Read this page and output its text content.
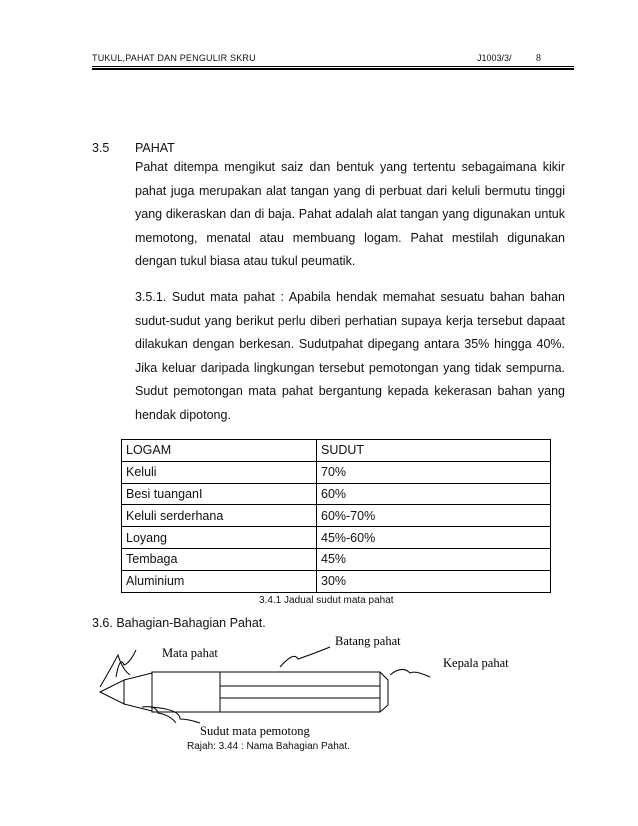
TUKUL,PAHAT DAN PENGULIR SKRU	J1003/3/ 8
3.5 PAHAT

Pahat ditempa mengikut saiz dan bentuk yang tertentu sebagaimana kikir pahat juga merupakan alat tangan yang di perbuat dari keluli bermutu tinggi yang dikeraskan dan di baja. Pahat adalah alat tangan yang digunakan untuk memotong, menatal atau membuang logam. Pahat mestilah digunakan dengan tukul biasa atau tukul peumatik.

3.5.1. Sudut mata pahat : Apabila hendak memahat sesuatu bahan bahan sudut-sudut yang berikut perlu diberi perhatian supaya kerja tersebut dapaat dilakukan dengan berkesan. Sudutpahat dipegang antara 35% hingga 40%. Jika keluar daripada lingkungan tersebut pemotongan yang tidak sempurna. Sudut pemotongan mata pahat bergantung kepada kekerasan bahan yang hendak dipotong.

LOGAM	SUDUT
Keluli	70%
Besi tuanganI	60%
Keluli serderhana	60%-70%
Loyang	45%-60%
Tembaga	45%
Aluminium	30%
3.4.1 Jadual sudut mata pahat
3.6. Bahagian-Bahagian Pahat.
Mata pahat
Batang pahat
Kepala pahat
Sudut mata pemotong
Rajah: 3.44 : Nama Bahagian Pahat.
